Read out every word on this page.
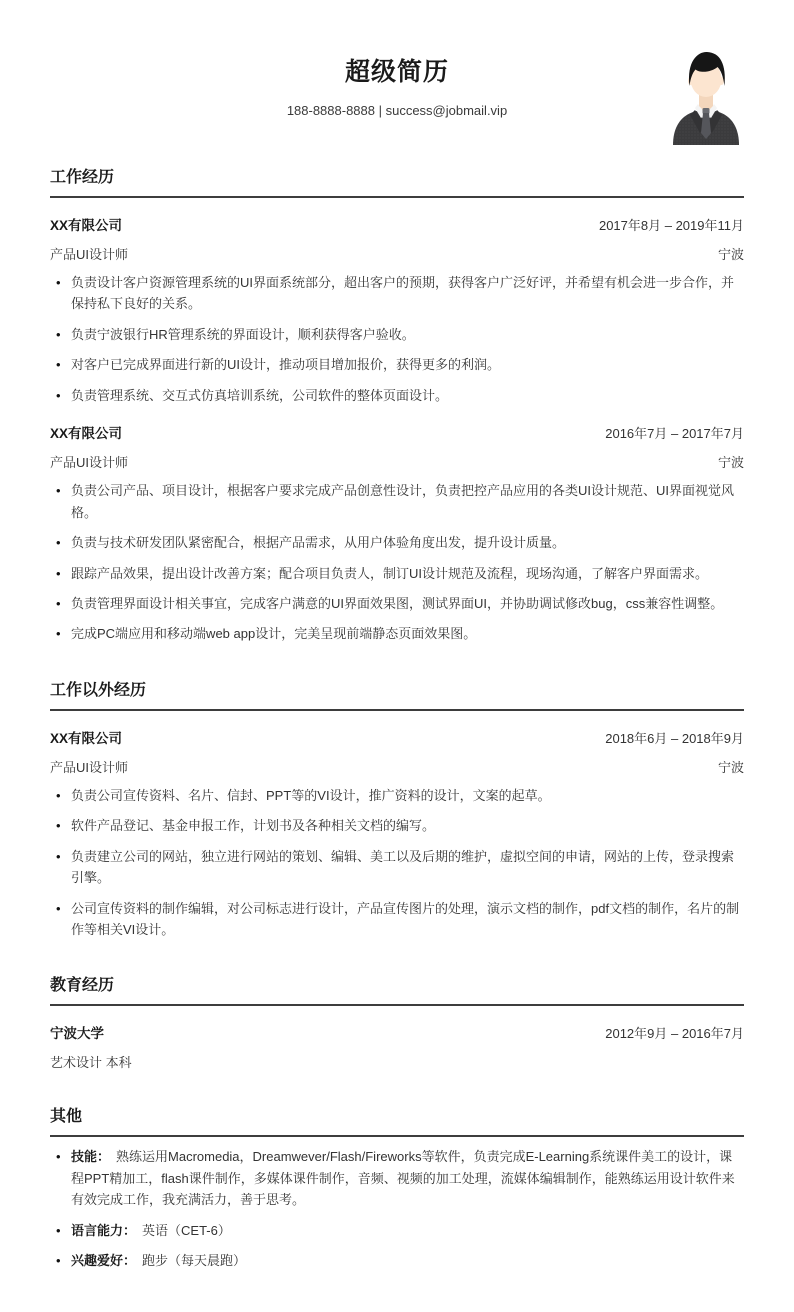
超级简历

188-8888-8888 | success@jobmail.vip

工作经历
XX有限公司	2017年8月 – 2019年11月
产品UI设计师	宁波
• 负责设计客户资源管理系统的UI界面系统部分，超出客户的预期，获得客户广泛好评，并希望有机会进一步合作，并保持私下良好的关系。
• 负责宁波银行HR管理系统的界面设计，顺利获得客户验收。
• 对客户已完成界面进行新的UI设计，推动项目增加报价，获得更多的利润。
• 负责管理系统、交互式仿真培训系统，公司软件的整体页面设计。
XX有限公司	2016年7月 – 2017年7月
产品UI设计师	宁波
• 负责公司产品、项目设计，根据客户要求完成产品创意性设计，负责把控产品应用的各类UI设计规范、UI界面视觉风格。
• 负责与技术研发团队紧密配合，根据产品需求，从用户体验角度出发，提升设计质量。
• 跟踪产品效果，提出设计改善方案；配合项目负责人，制订UI设计规范及流程，现场沟通，了解客户界面需求。
• 负责管理界面设计相关事宜，完成客户满意的UI界面效果图，测试界面UI，并协助调试修改bug，css兼容性调整。
• 完成PC端应用和移动端web app设计，完美呈现前端静态页面效果图。
工作以外经历
XX有限公司	2018年6月 – 2018年9月
产品UI设计师	宁波
• 负责公司宣传资料、名片、信封、PPT等的VI设计，推广资料的设计，文案的起草。
• 软件产品登记、基金申报工作，计划书及各种相关文档的编写。
• 负责建立公司的网站，独立进行网站的策划、编辑、美工以及后期的维护，虚拟空间的申请，网站的上传，登录搜索引擎。
• 公司宣传资料的制作编辑，对公司标志进行设计，产品宣传图片的处理，演示文档的制作，pdf文档的制作，名片的制作等相关VI设计。
教育经历
宁波大学	2012年9月 – 2016年7月
艺术设计 本科
其他
• 技能： 熟练运用Macromedia，Dreamwever/Flash/Fireworks等软件，负责完成E-Learning系统课件美工的设计，课程PPT精加工，flash课件制作，多媒体课件制作，音频、视频的加工处理，流媒体编辑制作，能熟练运用设计软件来有效完成工作，我充满活力，善于思考。
• 语言能力： 英语（CET-6）
• 兴趣爱好： 跑步（每天晨跑）
